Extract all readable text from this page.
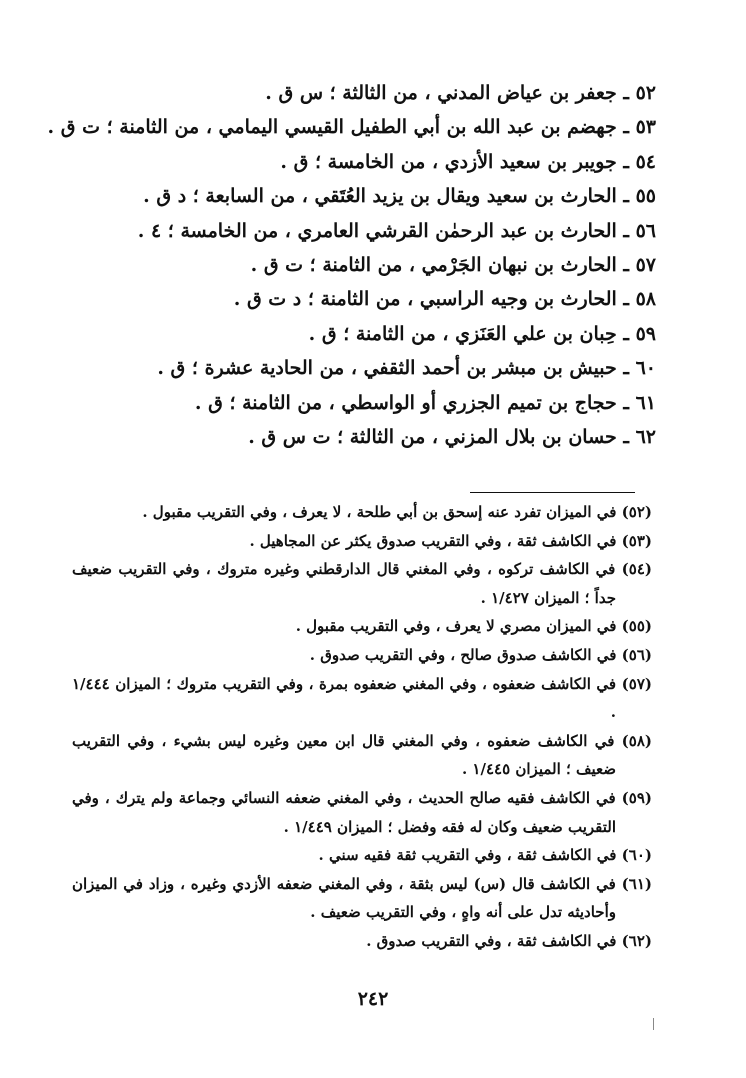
٥٢ ـ جعفر بن عياض المدني ، من الثالثة ؛ س ق .
٥٣ ـ جهضم بن عبد الله بن أبي الطفيل القيسي اليمامي ، من الثامنة ؛ ت ق .
٥٤ ـ جويبر بن سعيد الأزدي ، من الخامسة ؛ ق .
٥٥ ـ الحارث بن سعيد ويقال بن يزيد العُتَقي ، من السابعة ؛ د ق .
٥٦ ـ الحارث بن عبد الرحمٰن القرشي العامري ، من الخامسة ؛ ٤ .
٥٧ ـ الحارث بن نبهان الجَرْمي ، من الثامنة ؛ ت ق .
٥٨ ـ الحارث بن وجيه الراسبي ، من الثامنة ؛ د ت ق .
٥٩ ـ حِبان بن علي العَنَزي ، من الثامنة ؛ ق .
٦٠ ـ حبيش بن مبشر بن أحمد الثقفي ، من الحادية عشرة ؛ ق .
٦١ ـ حجاج بن تميم الجزري أو الواسطي ، من الثامنة ؛ ق .
٦٢ ـ حسان بن بلال المزني ، من الثالثة ؛ ت س ق .
(٥٢) في الميزان تفرد عنه إسحق بن أبي طلحة ، لا يعرف ، وفي التقريب مقبول .
(٥٣) في الكاشف ثقة ، وفي التقريب صدوق يكثر عن المجاهيل .
(٥٤) في الكاشف تركوه ، وفي المغني قال الدارقطني وغيره متروك ، وفي التقريب ضعيف جداً ؛ الميزان ١/٤٢٧ .
(٥٥) في الميزان مصري لا يعرف ، وفي التقريب مقبول .
(٥٦) في الكاشف صدوق صالح ، وفي التقريب صدوق .
(٥٧) في الكاشف ضعفوه ، وفي المغني ضعفوه بمرة ، وفي التقريب متروك ؛ الميزان ١/٤٤٤ .
(٥٨) في الكاشف ضعفوه ، وفي المغني قال ابن معين وغيره ليس بشيء ، وفي التقريب ضعيف ؛ الميزان ١/٤٤٥ .
(٥٩) في الكاشف فقيه صالح الحديث ، وفي المغني ضعفه النسائي وجماعة ولم يترك ، وفي التقريب ضعيف وكان له فقه وفضل ؛ الميزان ١/٤٤٩ .
(٦٠) في الكاشف ثقة ، وفي التقريب ثقة فقيه سني .
(٦١) في الكاشف قال (س) ليس بثقة ، وفي المغني ضعفه الأزدي وغيره ، وزاد في الميزان وأحاديثه تدل على أنه واهٍ ، وفي التقريب ضعيف .
(٦٢) في الكاشف ثقة ، وفي التقريب صدوق .
٢٤٢
